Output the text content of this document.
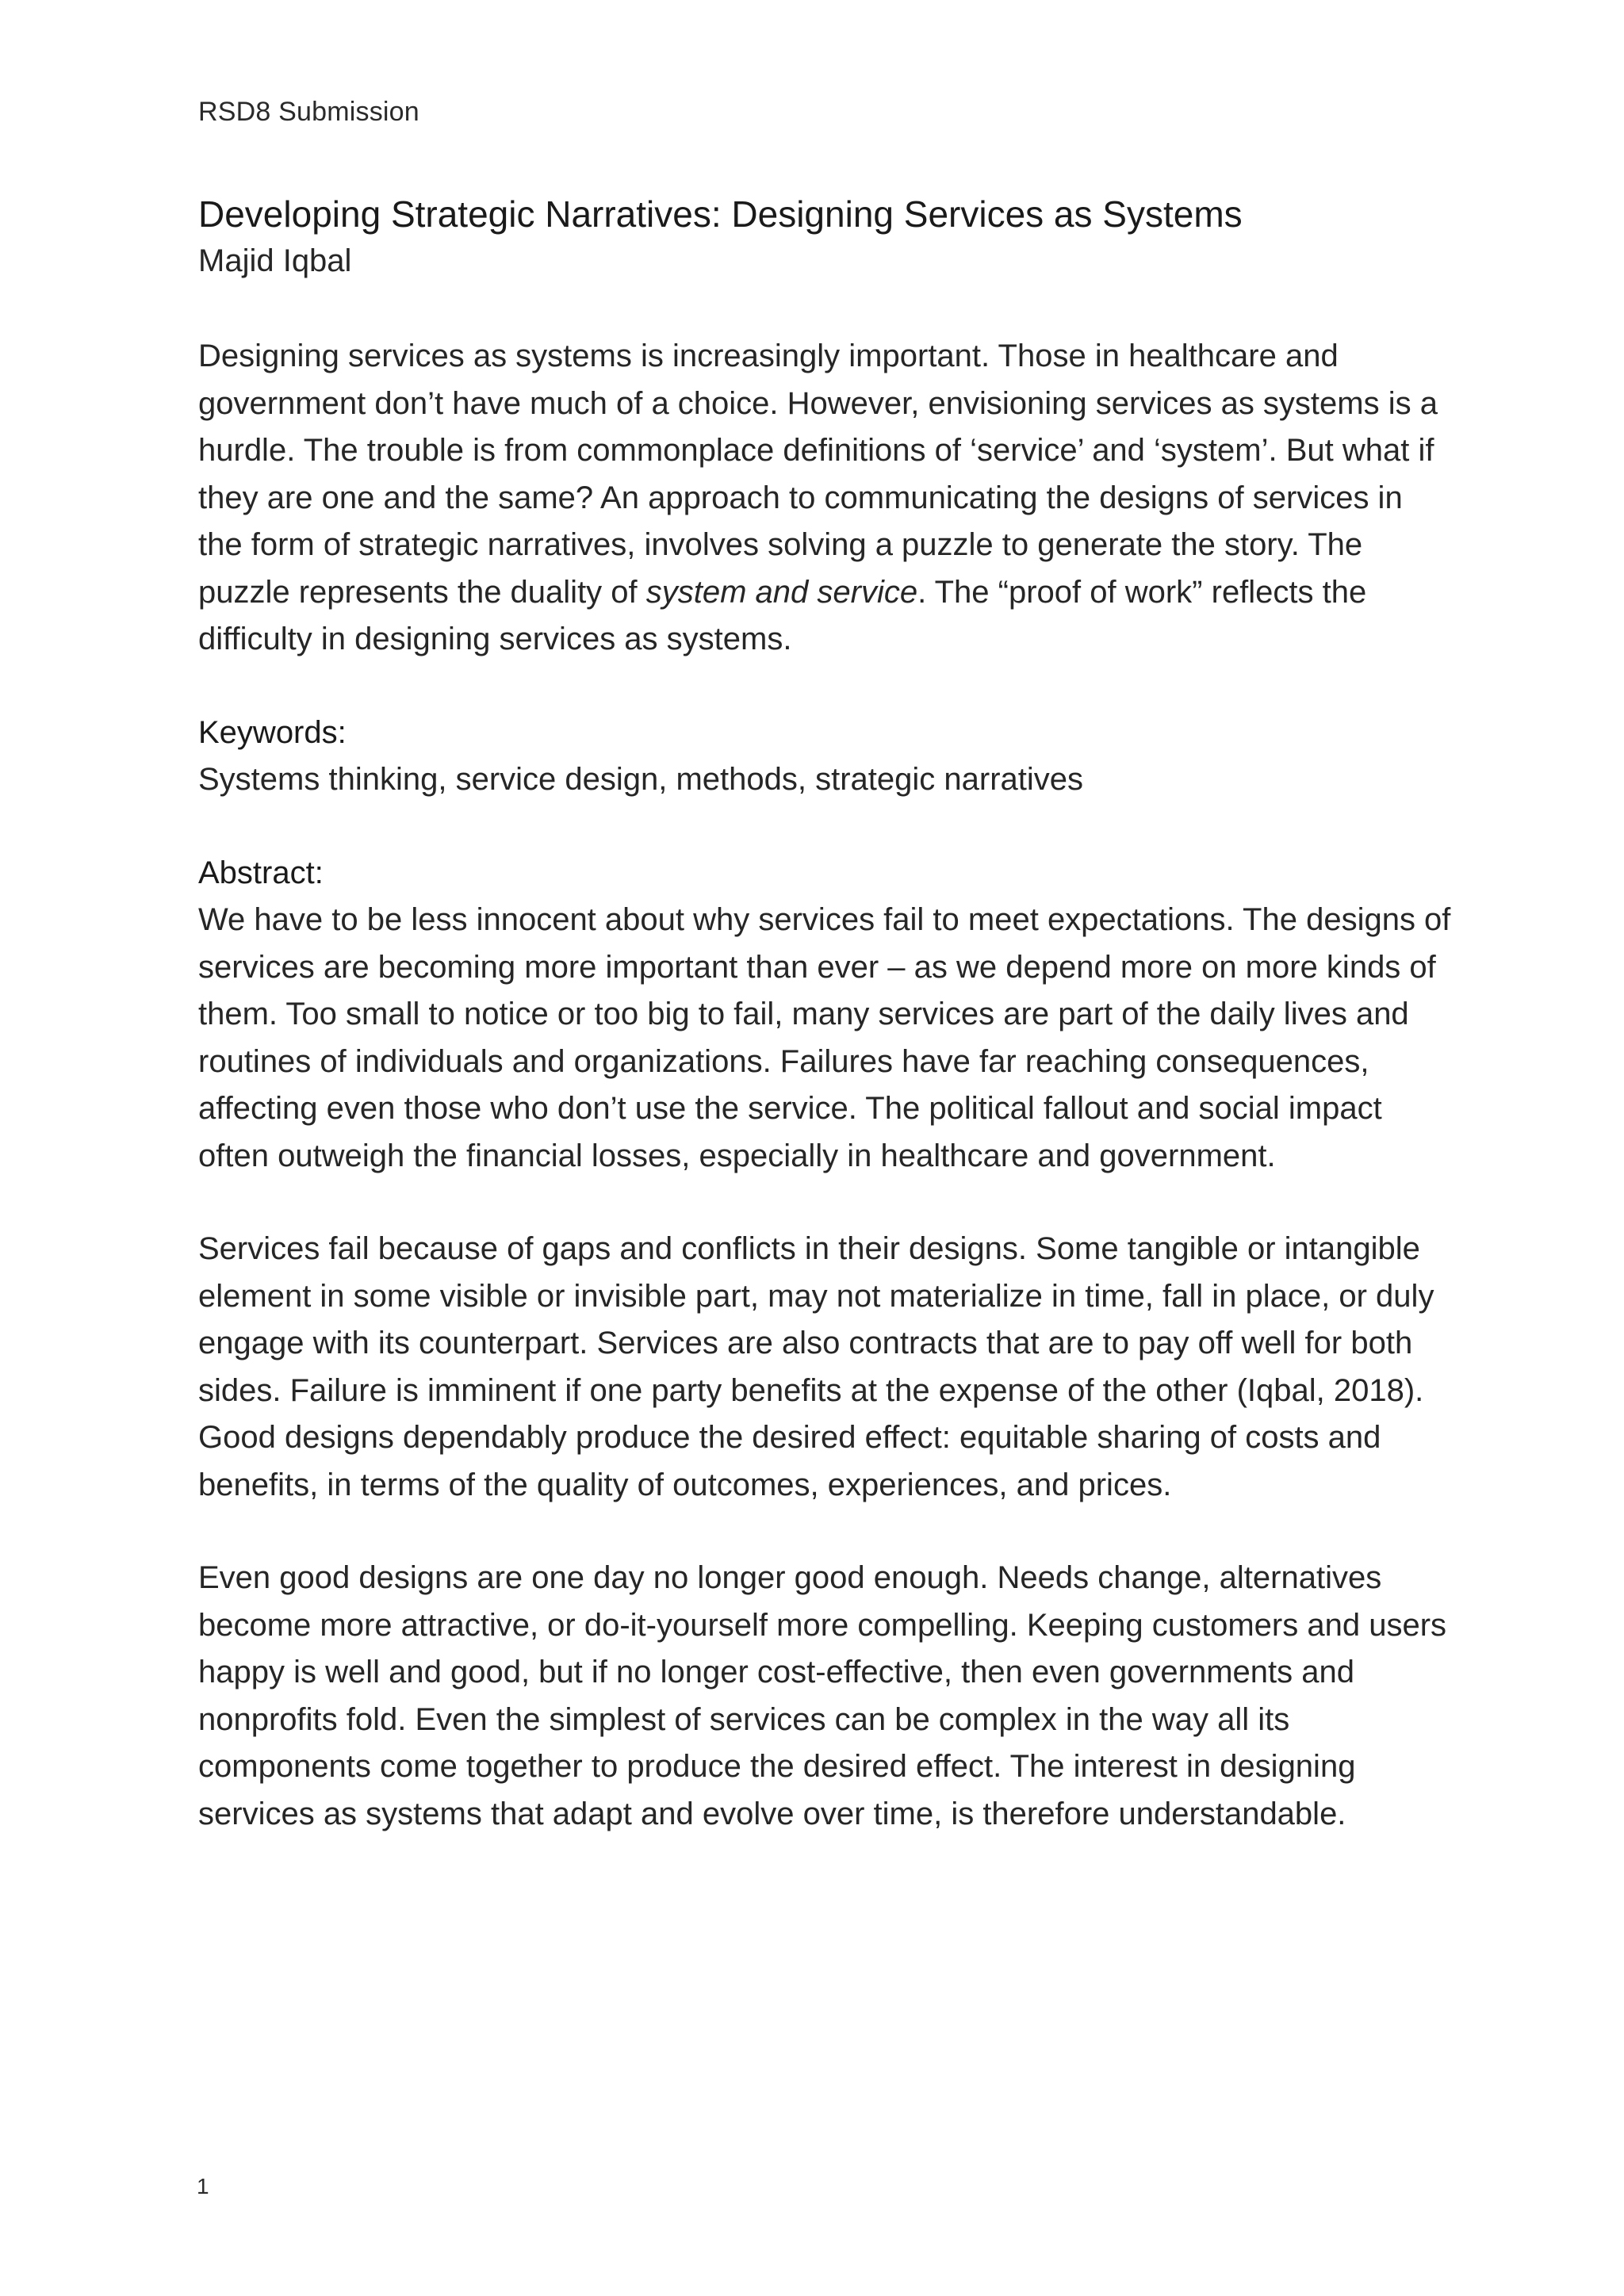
RSD8 Submission
Developing Strategic Narratives: Designing Services as Systems

Majid Iqbal

Designing services as systems is increasingly important. Those in healthcare and government don’t have much of a choice. However, envisioning services as systems is a hurdle. The trouble is from commonplace definitions of ‘service’ and ‘system’. But what if they are one and the same? An approach to communicating the designs of services in the form of strategic narratives, involves solving a puzzle to generate the story. The puzzle represents the duality of system and service. The “proof of work” reflects the difficulty in designing services as systems.

Keywords:

Systems thinking, service design, methods, strategic narratives

Abstract:

We have to be less innocent about why services fail to meet expectations. The designs of services are becoming more important than ever – as we depend more on more kinds of them. Too small to notice or too big to fail, many services are part of the daily lives and routines of individuals and organizations. Failures have far reaching consequences, affecting even those who don’t use the service. The political fallout and social impact often outweigh the financial losses, especially in healthcare and government.

Services fail because of gaps and conflicts in their designs. Some tangible or intangible element in some visible or invisible part, may not materialize in time, fall in place, or duly engage with its counterpart. Services are also contracts that are to pay off well for both sides. Failure is imminent if one party benefits at the expense of the other (Iqbal, 2018). Good designs dependably produce the desired effect: equitable sharing of costs and benefits, in terms of the quality of outcomes, experiences, and prices.

Even good designs are one day no longer good enough. Needs change, alternatives become more attractive, or do-it-yourself more compelling. Keeping customers and users happy is well and good, but if no longer cost-effective, then even governments and nonprofits fold. Even the simplest of services can be complex in the way all its components come together to produce the desired effect. The interest in designing services as systems that adapt and evolve over time, is therefore understandable.

1
